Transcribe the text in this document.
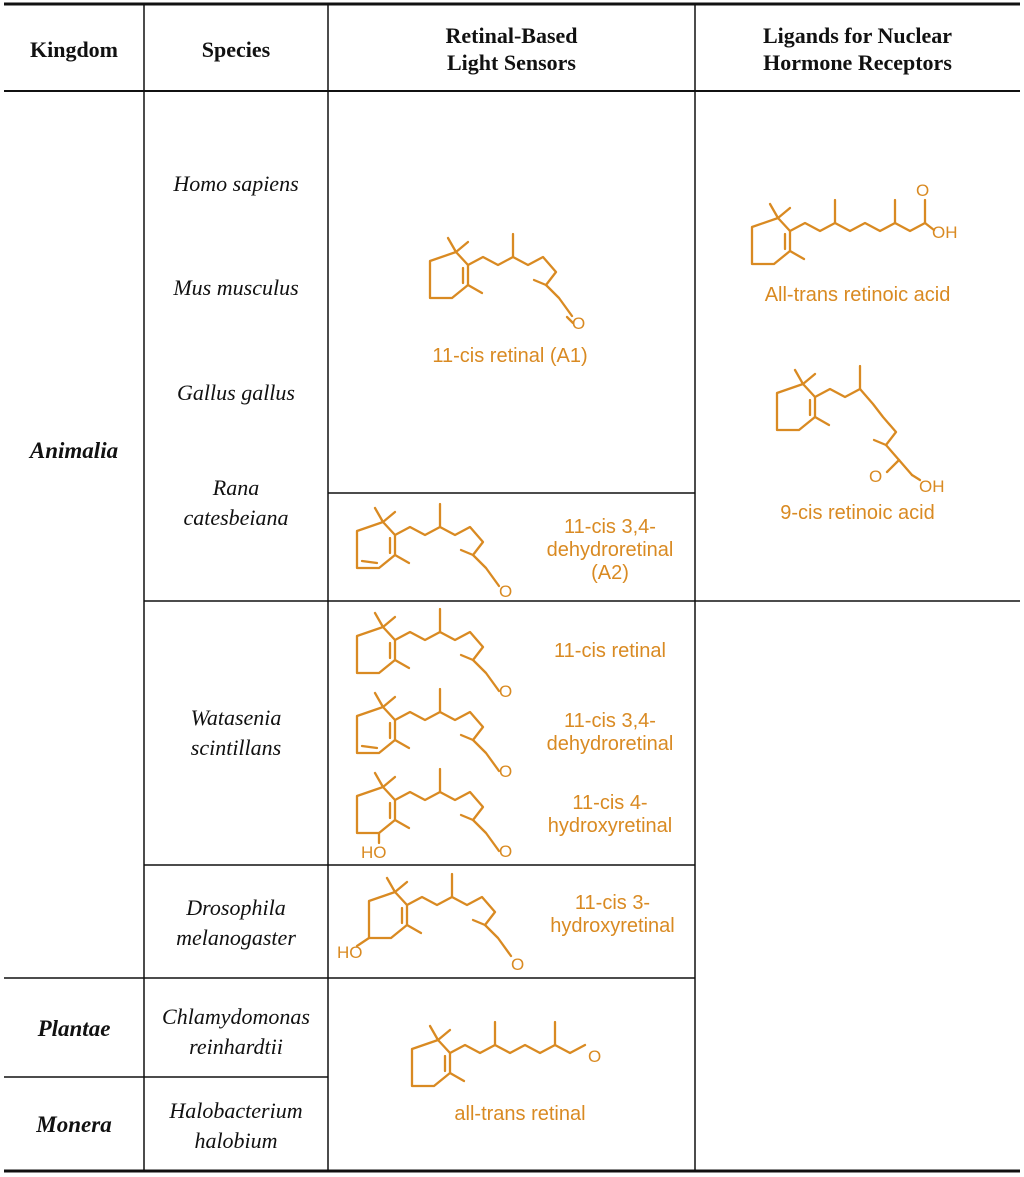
Kingdom	Species
Retinal-Based
Light Sensors
Ligands for Nuclear
Hormone Receptors
Animalia
Plantae
Monera
Homo sapiens
Mus musculus
Gallus gallus
Rana
catesbeiana
Watasenia
scintillans
Drosophila
melanogaster
Chlamydomonas
reinhardtii
Halobacterium
halobium
O
11-cis retinal (A1)
O
11-cis 3,4-
dehydroretinal
(A2)
O
11-cis retinal
O
11-cis 3,4-
dehydroretinal
HO	O
11-cis 4-
hydroxyretinal
HO
O
11-cis 3-
hydroxyretinal
O
all-trans retinal
O
OH
All-trans retinoic acid
O
OH
9-cis retinoic acid
